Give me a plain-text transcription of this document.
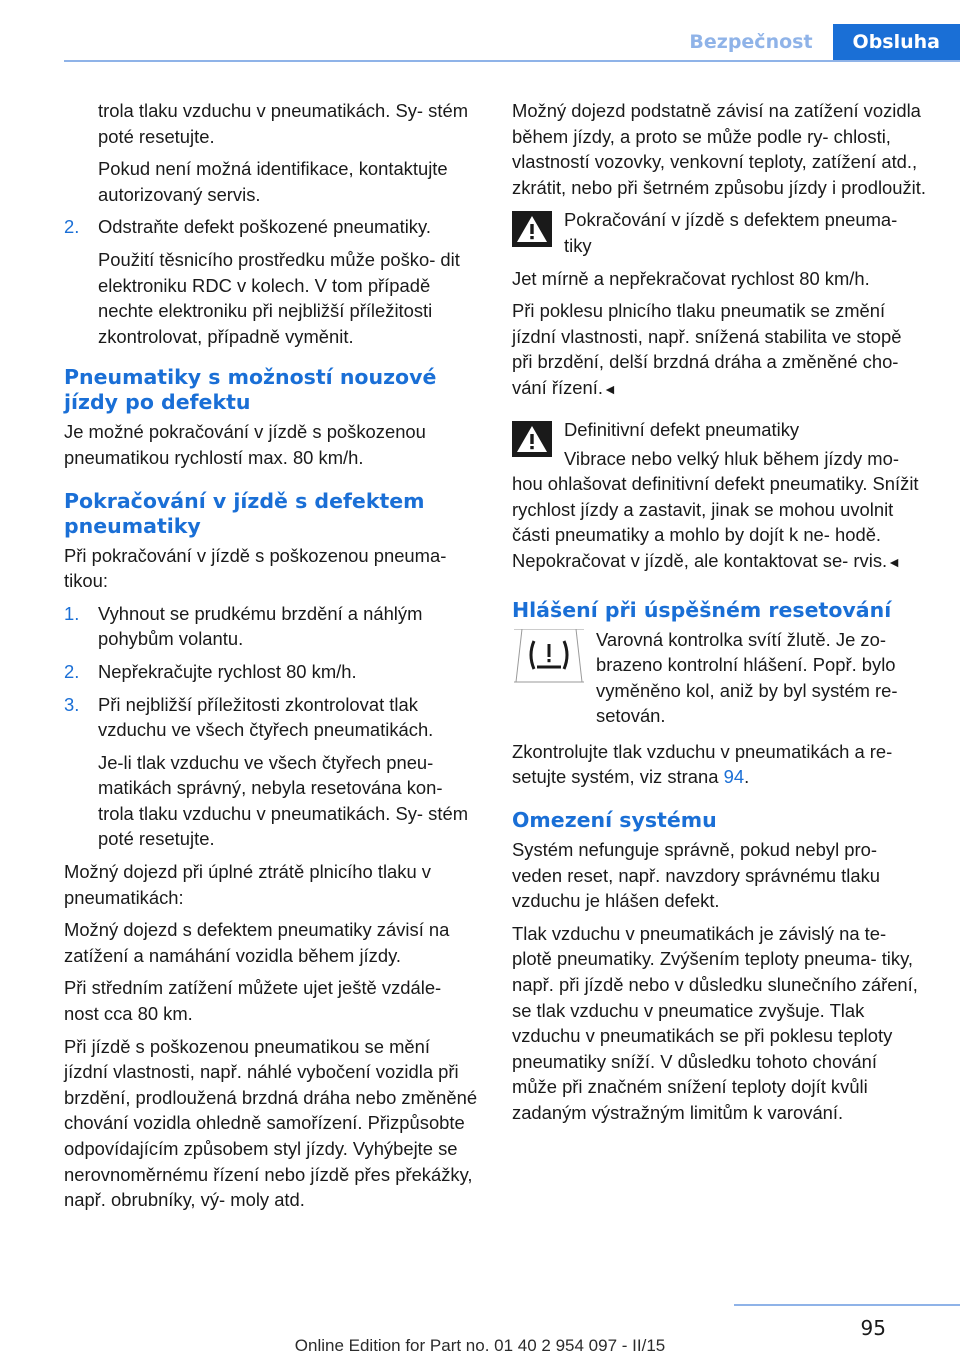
Bezpečnost	Obsluha

trola tlaku vzduchu v pneumatikách. Sy‐ stém poté resetujte.

Pokud není možná identifikace, kontaktujte autorizovaný servis.

2. Odstraňte defekt poškozené pneumatiky.

Použití těsnicího prostředku může poško‐ dit elektroniku RDC v kolech. V tom případě nechte elektroniku při nejbližší příležitosti zkontrolovat, případně vyměnit.

Pneumatiky s možností nouzové jízdy po defektu

Je možné pokračování v jízdě s poškozenou pneumatikou rychlostí max. 80 km/h.

Pokračování v jízdě s defektem pneumatiky

Při pokračování v jízdě s poškozenou pneuma‐ tikou:

1. Vyhnout se prudkému brzdění a náhlým pohybům volantu.
2. Nepřekračujte rychlost 80 km/h.
3. Při nejbližší příležitosti zkontrolovat tlak vzduchu ve všech čtyřech pneumatikách.

Je-li tlak vzduchu ve všech čtyřech pneu‐ matikách správný, nebyla resetována kon‐ trola tlaku vzduchu v pneumatikách. Sy‐ stém poté resetujte.

Možný dojezd při úplné ztrátě plnicího tlaku v pneumatikách:

Možný dojezd s defektem pneumatiky závisí na zatížení a namáhání vozidla během jízdy.

Při středním zatížení můžete ujet ještě vzdále‐ nost cca 80 km.

Při jízdě s poškozenou pneumatikou se mění jízdní vlastnosti, např. náhlé vybočení vozidla při brzdění, prodloužená brzdná dráha nebo změněné chování vozidla ohledně samořízení. Přizpůsobte odpovídajícím způsobem styl jízdy. Vyhýbejte se nerovnoměrnému řízení nebo jízdě přes překážky, např. obrubníky, vý‐ moly atd.

Možný dojezd podstatně závisí na zatížení vozidla během jízdy, a proto se může podle ry‐ chlosti, vlastností vozovky, venkovní teploty, zatížení atd., zkrátit, nebo při šetrném způsobu jízdy i prodloužit.

Pokračování v jízdě s defektem pneuma‐ tiky

Jet mírně a nepřekračovat rychlost 80 km/h.

Při poklesu plnicího tlaku pneumatik se změní jízdní vlastnosti, např. snížená stabilita ve stopě při brzdění, delší brzdná dráha a změněné cho‐ vání řízení.◄

Definitivní defekt pneumatiky

Vibrace nebo velký hluk během jízdy mo‐ hou ohlašovat definitivní defekt pneumatiky. Snížit rychlost jízdy a zastavit, jinak se mohou uvolnit části pneumatiky a mohlo by dojít k ne‐ hodě. Nepokračovat v jízdě, ale kontaktovat se‐ rvis.◄

Hlášení při úspěšném resetování

Varovná kontrolka svítí žlutě. Je zo‐ brazeno kontrolní hlášení. Popř. bylo vyměněno kol, aniž by byl systém re‐ setován.

Zkontrolujte tlak vzduchu v pneumatikách a re‐ setujte systém, viz strana 94.

Omezení systému

Systém nefunguje správně, pokud nebyl pro‐ veden reset, např. navzdory správnému tlaku vzduchu je hlášen defekt.

Tlak vzduchu v pneumatikách je závislý na te‐ plotě pneumatiky. Zvýšením teploty pneuma‐ tiky, např. při jízdě nebo v důsledku slunečního záření, se tlak vzduchu v pneumatice zvyšuje. Tlak vzduchu v pneumatikách se při poklesu teploty pneumatiky sníží. V důsledku tohoto chování může při značném snížení teploty dojít kvůli zadaným výstražným limitům k varování.

95
Online Edition for Part no. 01 40 2 954 097 - II/15
